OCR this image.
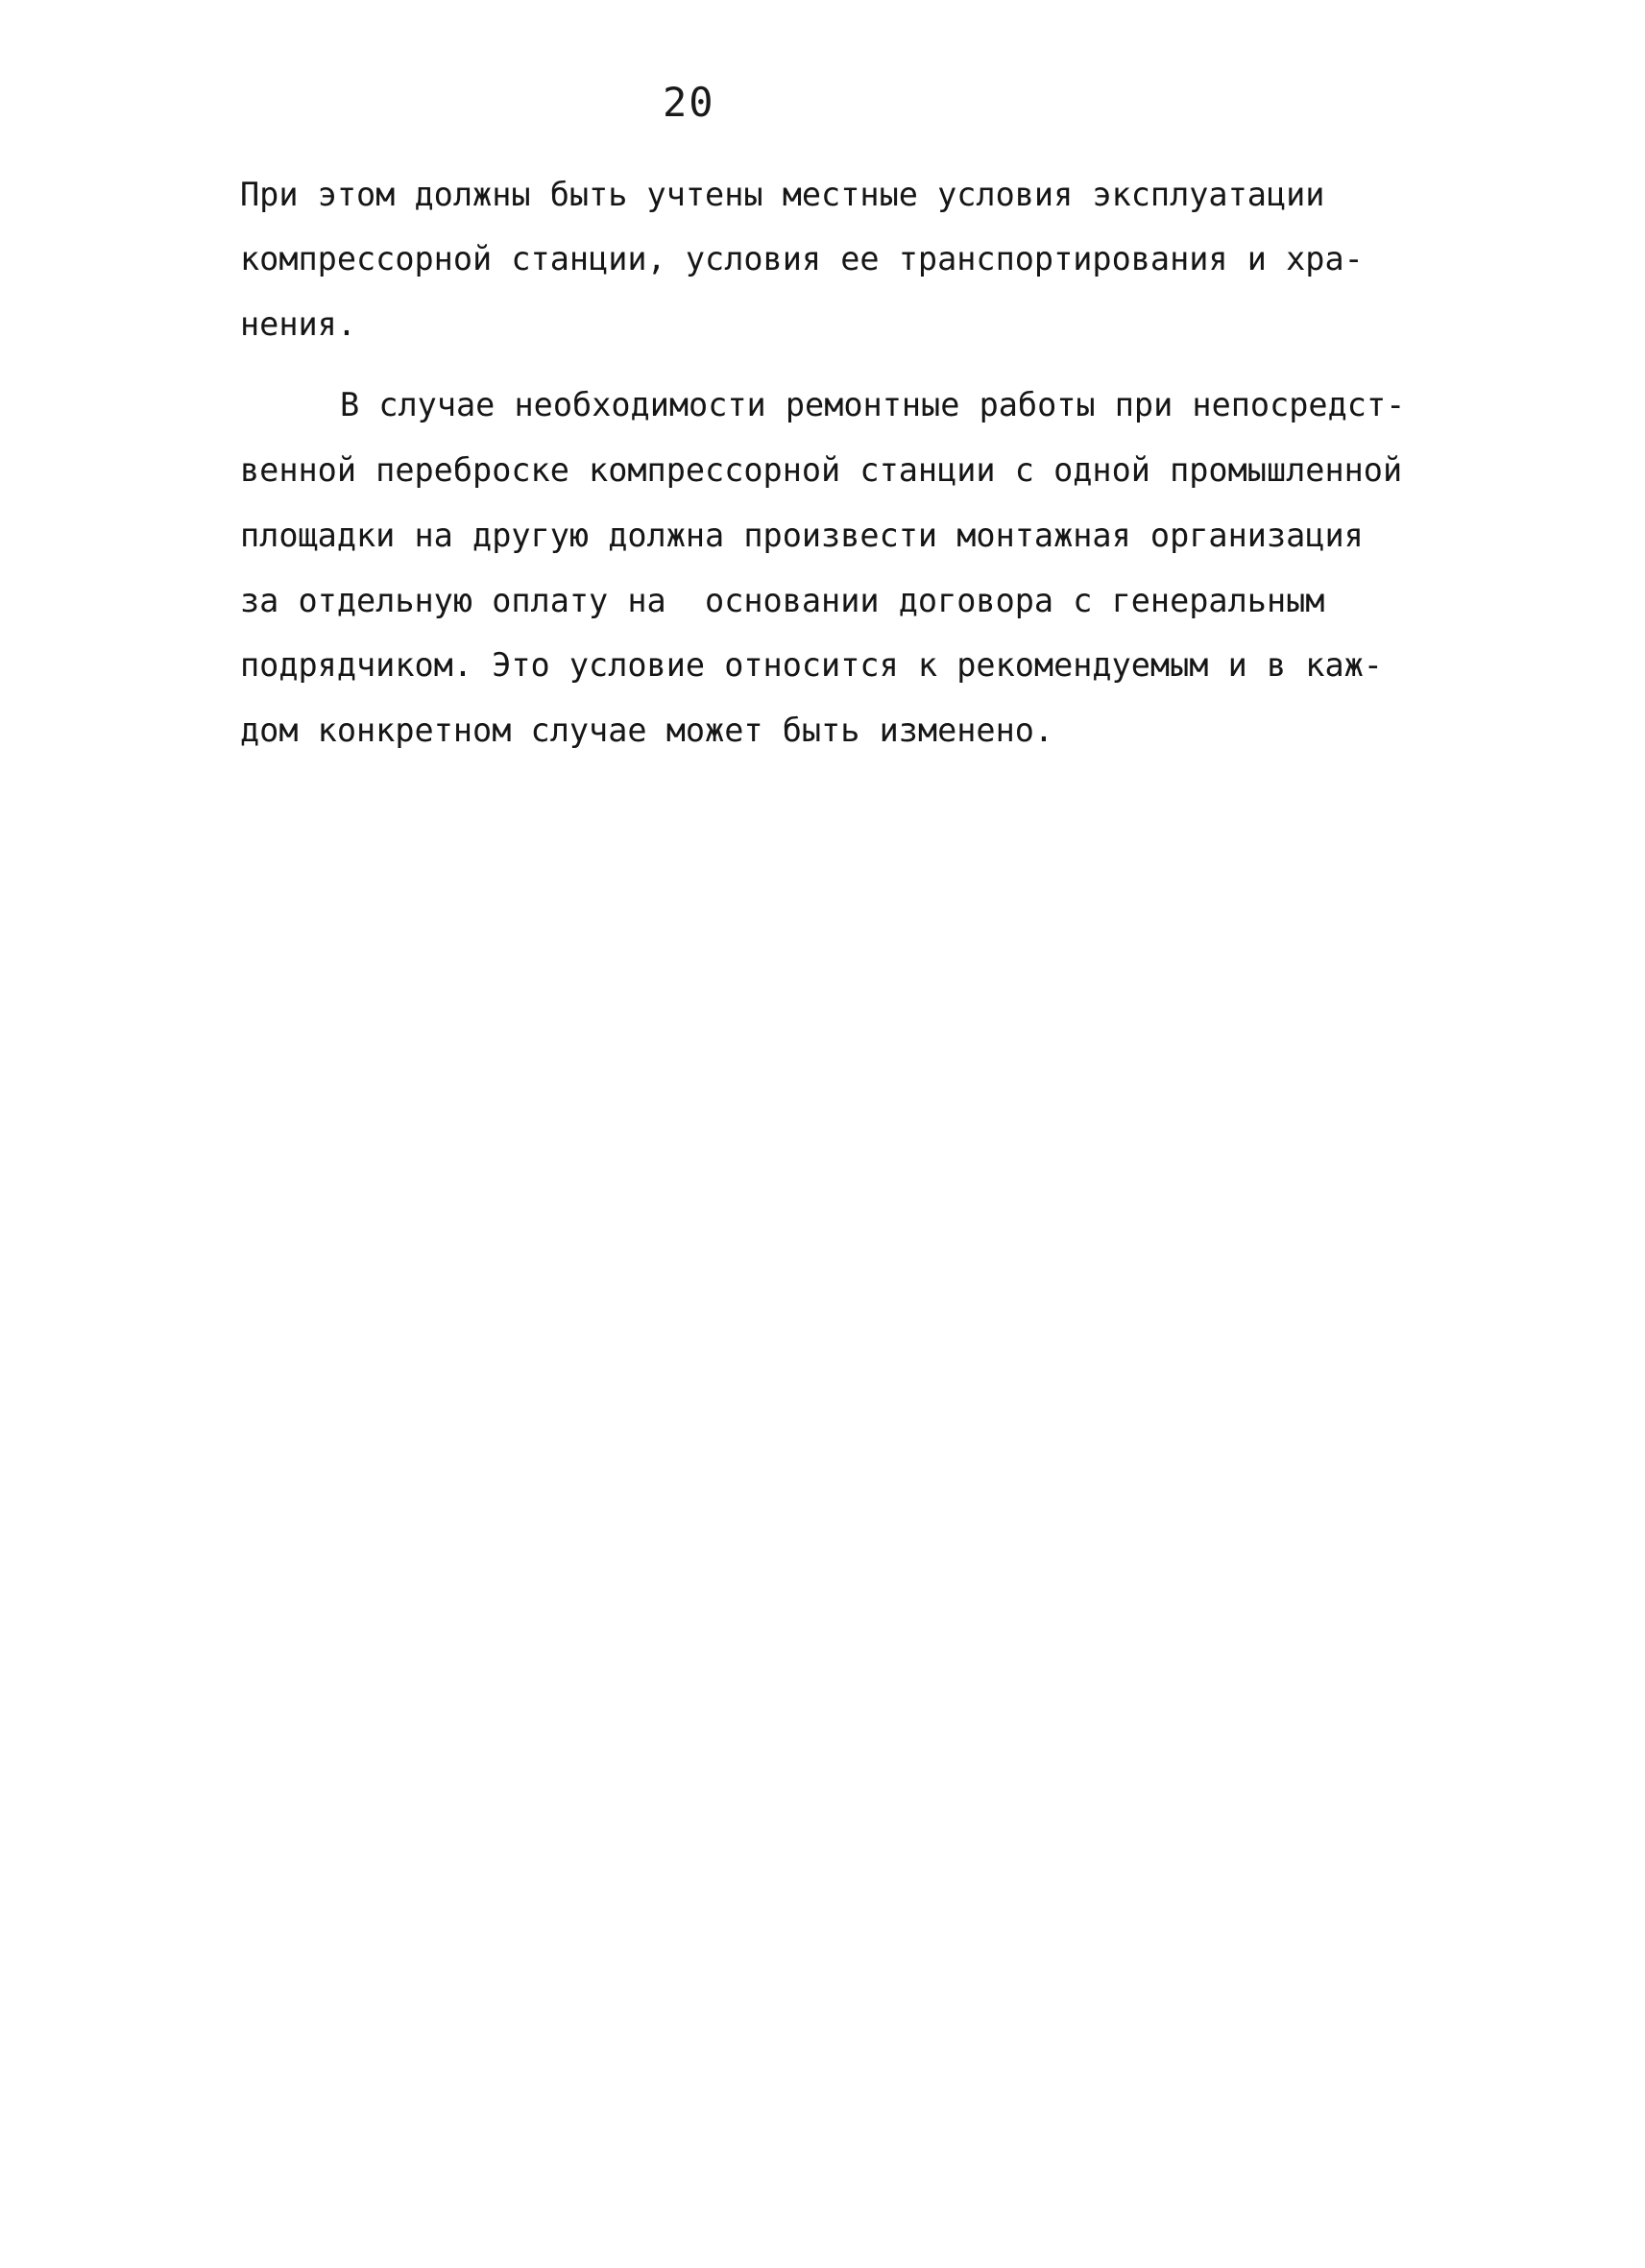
20
При этом должны быть учтены местные условия эксплуатации
компрессорной станции, условия ее транспортирования и хра-
нения.
В случае необходимости ремонтные работы при непосредст-
венной переброске компрессорной станции с одной промышленной
площадки на другую должна произвести монтажная организация
за отдельную оплату на  основании договора с генеральным
подрядчиком. Это условие относится к рекомендуемым и в каж-
дом конкретном случае может быть изменено.
